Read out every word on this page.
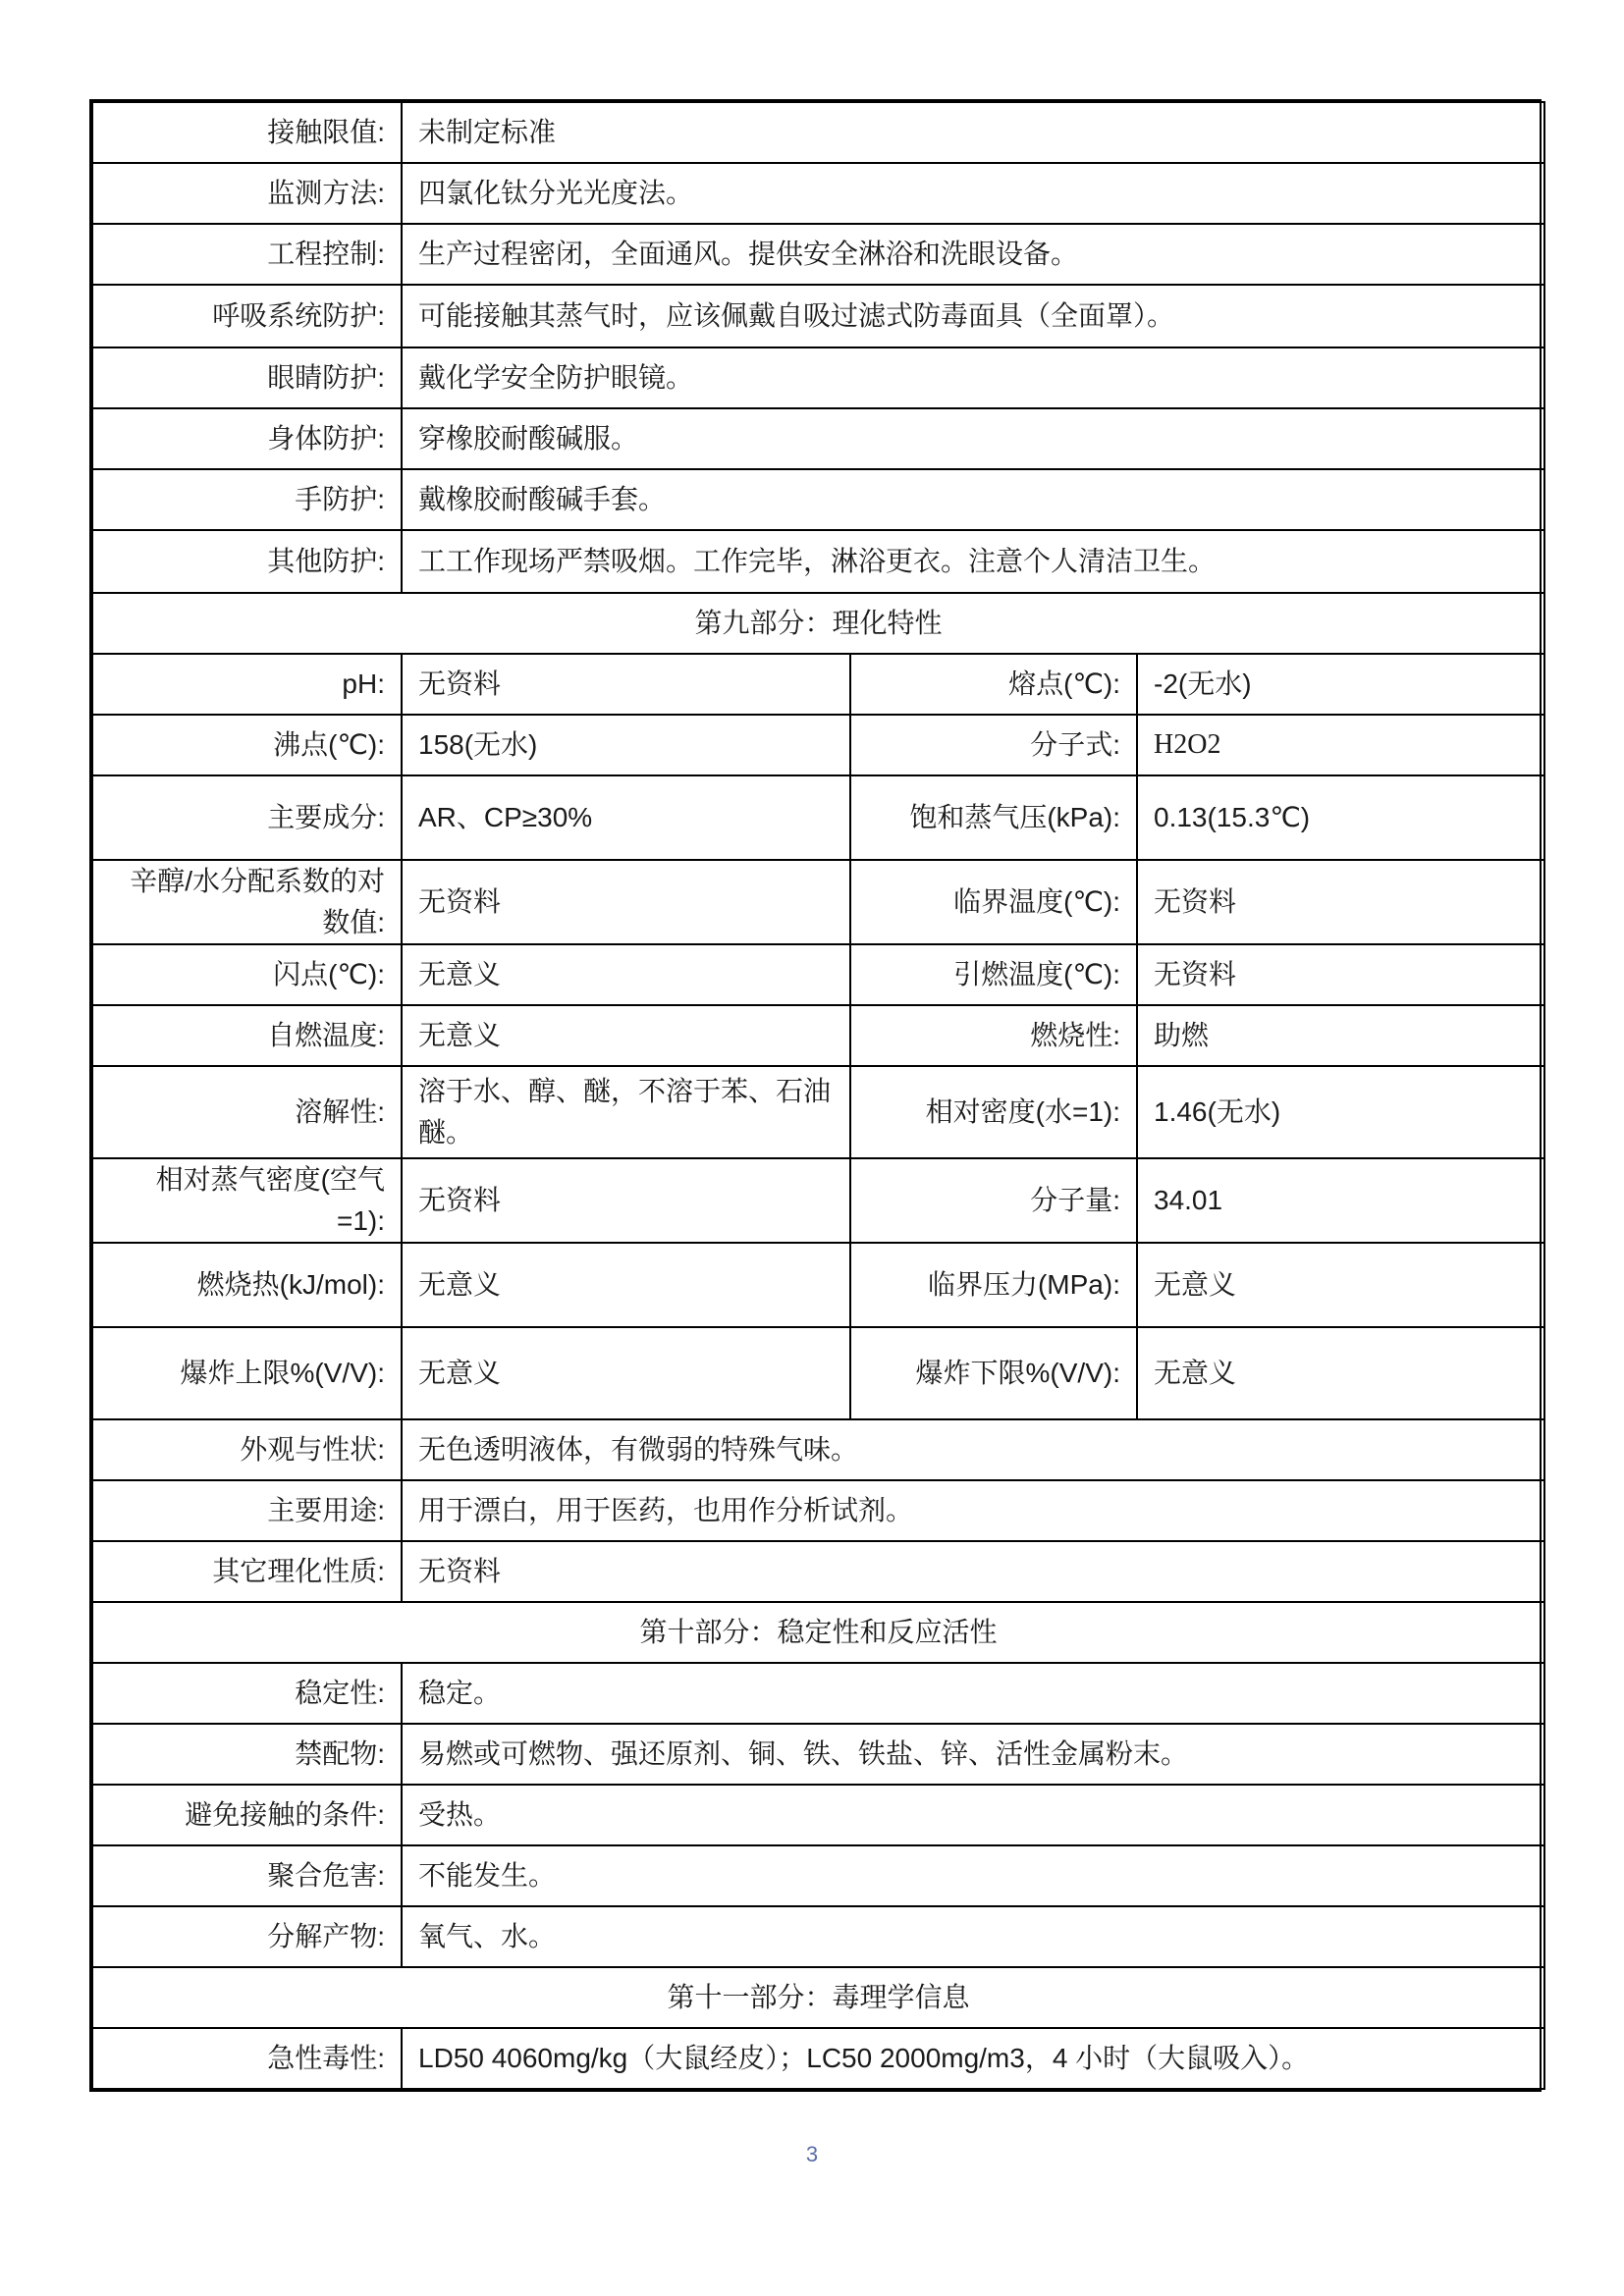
接触限值:	未制定标准		
监测方法:	四氯化钛分光光度法。		
工程控制:	生产过程密闭，全面通风。提供安全淋浴和洗眼设备。		
呼吸系统防护:	可能接触其蒸气时，应该佩戴自吸过滤式防毒面具（全面罩）。		
眼睛防护:	戴化学安全防护眼镜。		
身体防护:	穿橡胶耐酸碱服。		
手防护:	戴橡胶耐酸碱手套。		
其他防护:	工工作现场严禁吸烟。工作完毕，淋浴更衣。注意个人清洁卫生。		
第九部分：理化特性			
pH:	无资料	熔点(℃):	-2(无水)
沸点(℃):	158(无水)	分子式:	H2O2
主要成分:	AR、CP≥30%	饱和蒸气压(kPa):	0.13(15.3℃)
辛醇/水分配系数的对数值:	无资料	临界温度(℃):	无资料
闪点(℃):	无意义	引燃温度(℃):	无资料
自燃温度:	无意义	燃烧性:	助燃
溶解性:	溶于水、醇、醚，不溶于苯、石油醚。	相对密度(水=1):	1.46(无水)
相对蒸气密度(空气=1):	无资料	分子量:	34.01
燃烧热(kJ/mol):	无意义	临界压力(MPa):	无意义
爆炸上限%(V/V):	无意义	爆炸下限%(V/V):	无意义
外观与性状:	无色透明液体，有微弱的特殊气味。		
主要用途:	用于漂白，用于医药，也用作分析试剂。		
其它理化性质:	无资料		
第十部分：稳定性和反应活性			
稳定性:	稳定。		
禁配物:	易燃或可燃物、强还原剂、铜、铁、铁盐、锌、活性金属粉末。		
避免接触的条件:	受热。		
聚合危害:	不能发生。		
分解产物:	氧气、水。		
第十一部分：毒理学信息			
急性毒性:	LD50 4060mg/kg（大鼠经皮）；LC50 2000mg/m3，4 小时（大鼠吸入）。		
3
